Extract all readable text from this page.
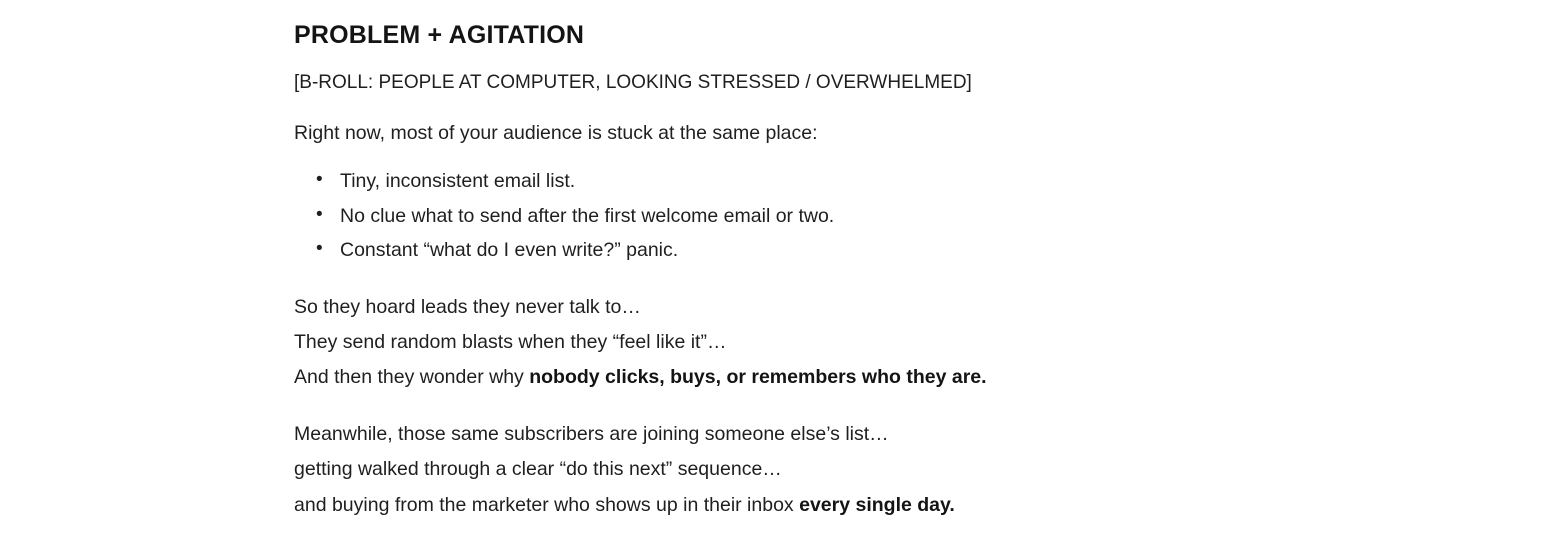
PROBLEM + AGITATION

[B-ROLL: PEOPLE AT COMPUTER, LOOKING STRESSED / OVERWHELMED]

Right now, most of your audience is stuck at the same place:

• Tiny, inconsistent email list.
• No clue what to send after the first welcome email or two.
• Constant “what do I even write?” panic.
So they hoard leads they never talk to…
They send random blasts when they “feel like it”…
And then they wonder why nobody clicks, buys, or remembers who they are.
Meanwhile, those same subscribers are joining someone else’s list…
getting walked through a clear “do this next” sequence…
and buying from the marketer who shows up in their inbox every single day.
